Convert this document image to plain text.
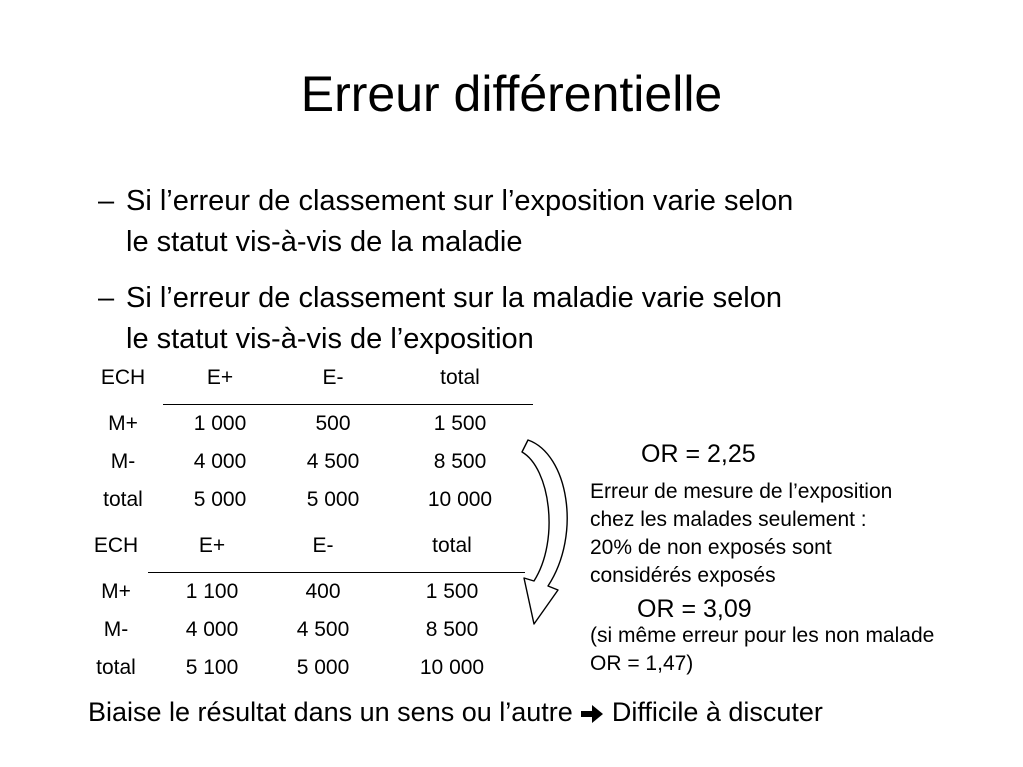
Erreur différentielle
– Si l’erreur de classement sur l’exposition varie selon
le statut vis-à-vis de la maladie
– Si l’erreur de classement sur la maladie varie selon
le statut vis-à-vis de l’exposition
ECH	E+	E-	total
M+	1 000	500	1 500
M-	4 000	4 500	8 500
total	5 000	5 000	10 000
ECH	E+	E-	total
M+	1 100	400	1 500
M-	4 000	4 500	8 500
total	5 100	5 000	10 000
OR = 2,25
Erreur de mesure de l’exposition
chez les malades seulement :
20% de non exposés sont
considérés exposés
OR = 3,09
(si même erreur pour les non malade
OR = 1,47)
Biaise le résultat dans un sens ou l’autre Difficile à discuter
